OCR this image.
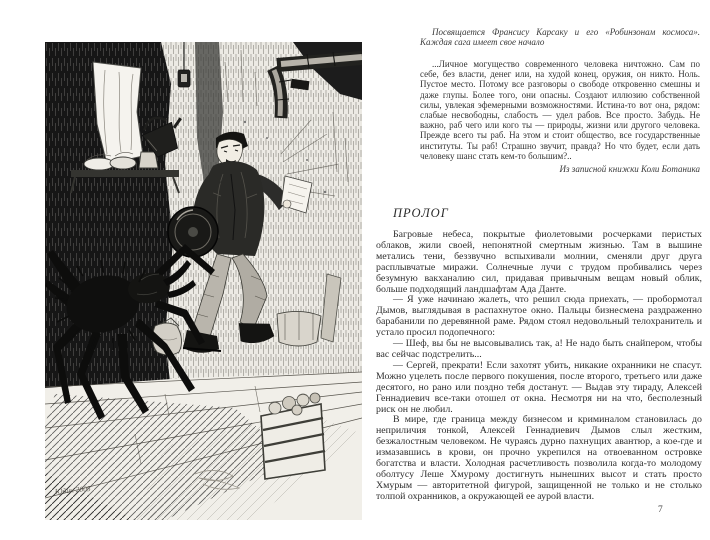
Юдин 2005
Посвящается Франсису Карсаку и его «Робинзонам космоса». Каждая сага имеет свое начало
...Личное могущество современного человека ничтожно. Сам по себе, без власти, денег или, на худой конец, оружия, он никто. Ноль. Пустое место. Потому все разговоры о свободе откровенно смешны и даже глупы. Более того, они опасны. Создают иллюзию собственной силы, увлекая эфемерными возможностями. Истина-то вот она, рядом: слабые несвободны, слабость — удел рабов. Все просто. Забудь. Не важно, раб чего или кого ты — природы, жизни или другого человека. Прежде всего ты раб. На этом и стоит общество, все государственные институты. Ты раб! Страшно звучит, правда? Но что будет, если дать человеку шанс стать кем-то большим?..
Из записной книжки Коли Ботаника
ПРОЛОГ

Багровые небеса, покрытые фиолетовыми росчерками перистых облаков, жили своей, непонятной смертным жизнью. Там в вышине метались тени, беззвучно вспыхивали молнии, сменяли друг друга расплывчатые миражи. Солнечные лучи с трудом пробивались через безумную вакханалию сил, придавая привычным вещам новый облик, больше подходящий ландшафтам Ада Данте.

— Я уже начинаю жалеть, что решил сюда приехать, — пробормотал Дымов, выглядывая в распахнутое окно. Пальцы бизнесмена раздраженно барабанили по деревянной раме. Рядом стоял недовольный телохранитель и устало просил подопечного:

— Шеф, вы бы не высовывались так, а! Не надо быть снайпером, чтобы вас сейчас подстрелить...

— Сергей, прекрати! Если захотят убить, никакие охранники не спасут. Можно уцелеть после первого покушения, после второго, третьего или даже десятого, но рано или поздно тебя достанут. — Выдав эту тираду, Алексей Геннадиевич все-таки отошел от окна. Несмотря ни на что, бесполезный риск он не любил.

В мире, где граница между бизнесом и криминалом становилась до неприличия тонкой, Алексей Геннадиевич Дымов слыл жестким, безжалостным человеком. Не чураясь дурно пахнущих авантюр, а кое-где и измазавшись в крови, он прочно укрепился на отвоеванном островке богатства и власти. Холодная расчетливость позволила когда-то молодому оболтусу Леше Хмурому достигнуть нынешних высот и стать просто Хмурым — авторитетной фигурой, защищенной не только и не столько толпой охранников, а окружающей ее аурой власти.

7
